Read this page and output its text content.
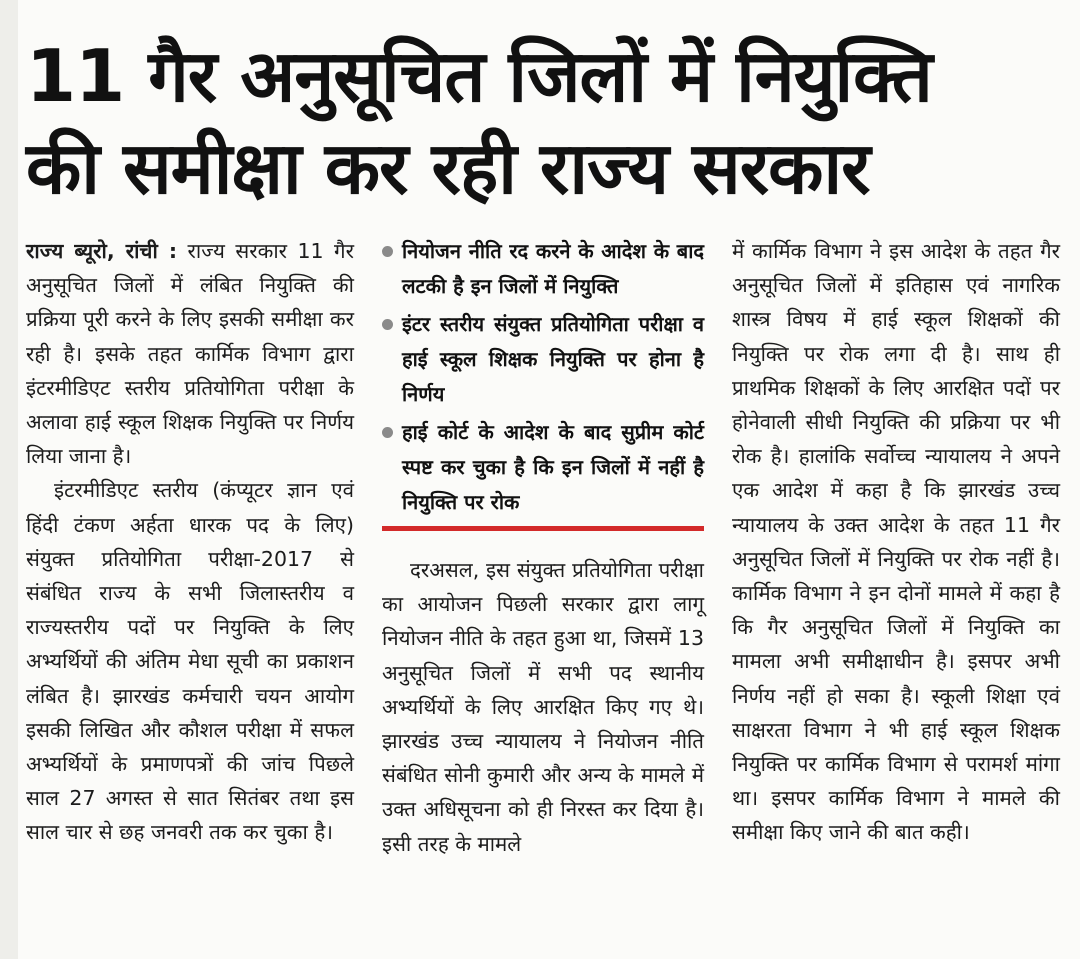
11 गैर अनुसूचित जिलों में नियुक्ति
की समीक्षा कर रही राज्य सरकार
राज्य ब्यूरो, रांची : राज्य सरकार 11 गैर अनुसूचित जिलों में लंबित नियुक्ति की प्रक्रिया पूरी करने के लिए इसकी समीक्षा कर रही है। इसके तहत कार्मिक विभाग द्वारा इंटरमीडिएट स्तरीय प्रतियोगिता परीक्षा के अलावा हाई स्कूल शिक्षक नियुक्ति पर निर्णय लिया जाना है।
इंटरमीडिएट स्तरीय (कंप्यूटर ज्ञान एवं हिंदी टंकण अर्हता धारक पद के लिए) संयुक्त प्रतियोगिता परीक्षा-2017 से संबंधित राज्य के सभी जिलास्तरीय व राज्यस्तरीय पदों पर नियुक्ति के लिए अभ्यर्थियों की अंतिम मेधा सूची का प्रकाशन लंबित है। झारखंड कर्मचारी चयन आयोग इसकी लिखित और कौशल परीक्षा में सफल अभ्यर्थियों के प्रमाणपत्रों की जांच पिछले साल 27 अगस्त से सात सितंबर तथा इस साल चार से छह जनवरी तक कर चुका है।
नियोजन नीति रद करने के आदेश के बाद लटकी है इन जिलों में नियुक्ति
इंटर स्तरीय संयुक्त प्रतियोगिता परीक्षा व हाई स्कूल शिक्षक नियुक्ति पर होना है निर्णय
हाई कोर्ट के आदेश के बाद सुप्रीम कोर्ट स्पष्ट कर चुका है कि इन जिलों में नहीं है नियुक्ति पर रोक
दरअसल, इस संयुक्त प्रतियोगिता परीक्षा का आयोजन पिछली सरकार द्वारा लागू नियोजन नीति के तहत हुआ था, जिसमें 13 अनुसूचित जिलों में सभी पद स्थानीय अभ्यर्थियों के लिए आरक्षित किए गए थे। झारखंड उच्च न्यायालय ने नियोजन नीति संबंधित सोनी कुमारी और अन्य के मामले में उक्त अधिसूचना को ही निरस्त कर दिया है। इसी तरह के मामले
में कार्मिक विभाग ने इस आदेश के तहत गैर अनुसूचित जिलों में इतिहास एवं नागरिक शास्त्र विषय में हाई स्कूल शिक्षकों की नियुक्ति पर रोक लगा दी है। साथ ही प्राथमिक शिक्षकों के लिए आरक्षित पदों पर होनेवाली सीधी नियुक्ति की प्रक्रिया पर भी रोक है। हालांकि सर्वोच्च न्यायालय ने अपने एक आदेश में कहा है कि झारखंड उच्च न्यायालय के उक्त आदेश के तहत 11 गैर अनुसूचित जिलों में नियुक्ति पर रोक नहीं है। कार्मिक विभाग ने इन दोनों मामले में कहा है कि गैर अनुसूचित जिलों में नियुक्ति का मामला अभी समीक्षाधीन है। इसपर अभी निर्णय नहीं हो सका है। स्कूली शिक्षा एवं साक्षरता विभाग ने भी हाई स्कूल शिक्षक नियुक्ति पर कार्मिक विभाग से परामर्श मांगा था। इसपर कार्मिक विभाग ने मामले की समीक्षा किए जाने की बात कही।
